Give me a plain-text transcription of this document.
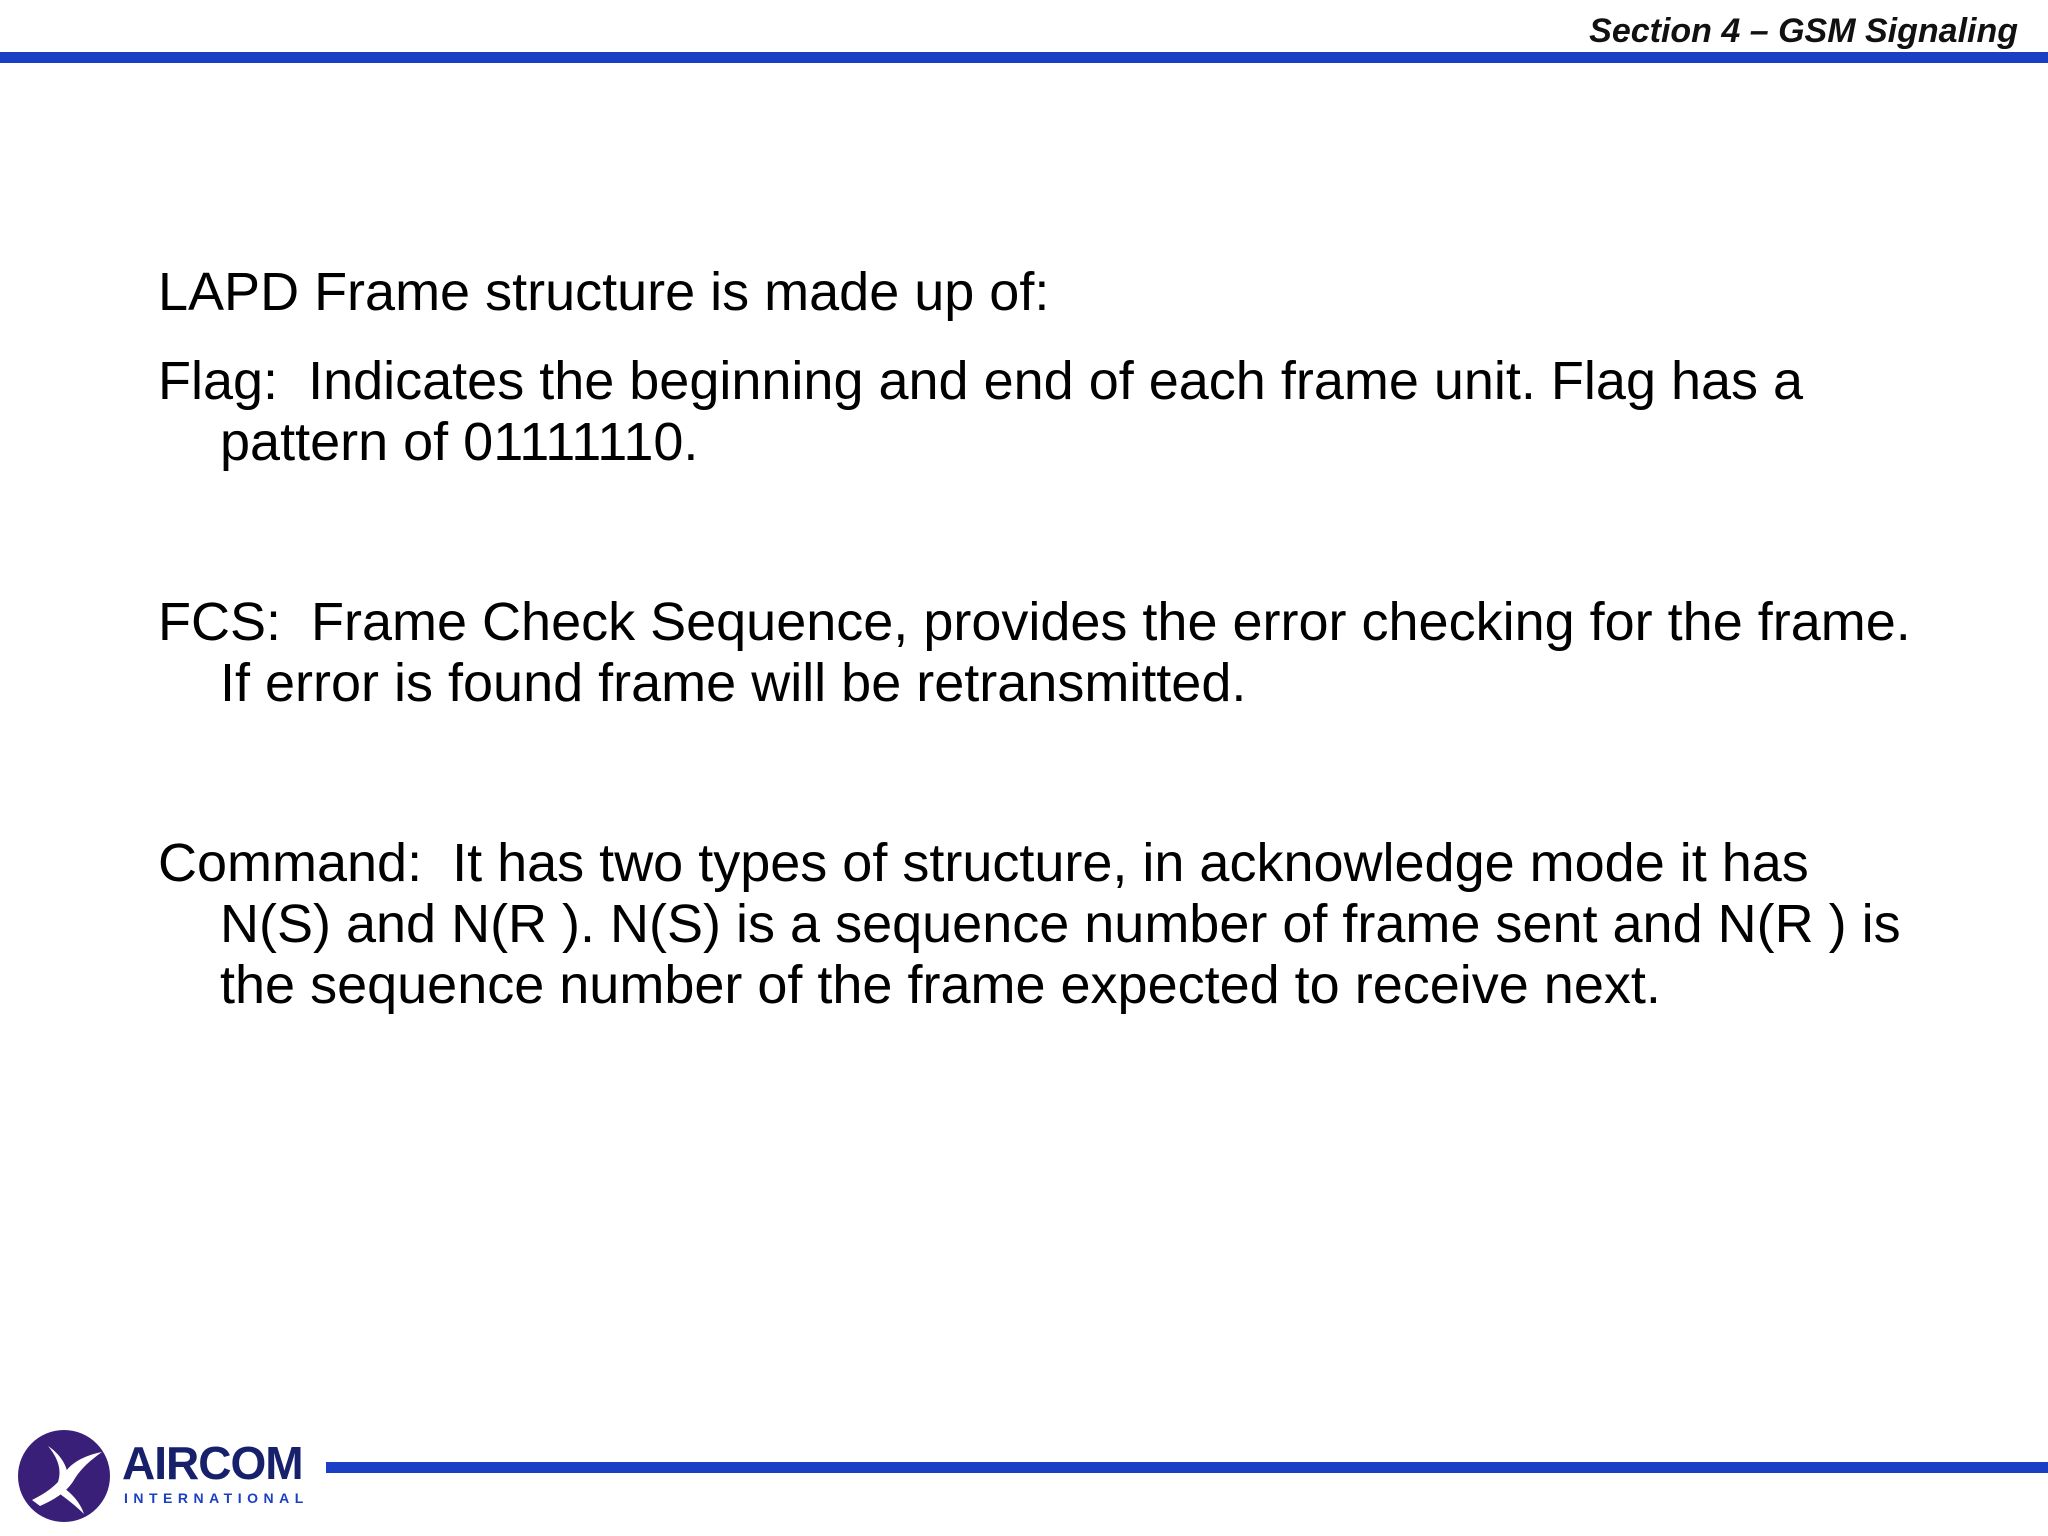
Section 4 – GSM Signaling

LAPD Frame structure is made up of:

Flag:  Indicates the beginning and end of each frame unit. Flag has a pattern of 01111110.

FCS:  Frame Check Sequence, provides the error checking for the frame. If error is found frame will be retransmitted.

Command:  It has two types of structure, in acknowledge mode it has N(S) and N(R ). N(S) is a sequence number of frame sent and N(R ) is the sequence number of the frame expected to receive next.

AIRCOM
INTERNATIONAL
